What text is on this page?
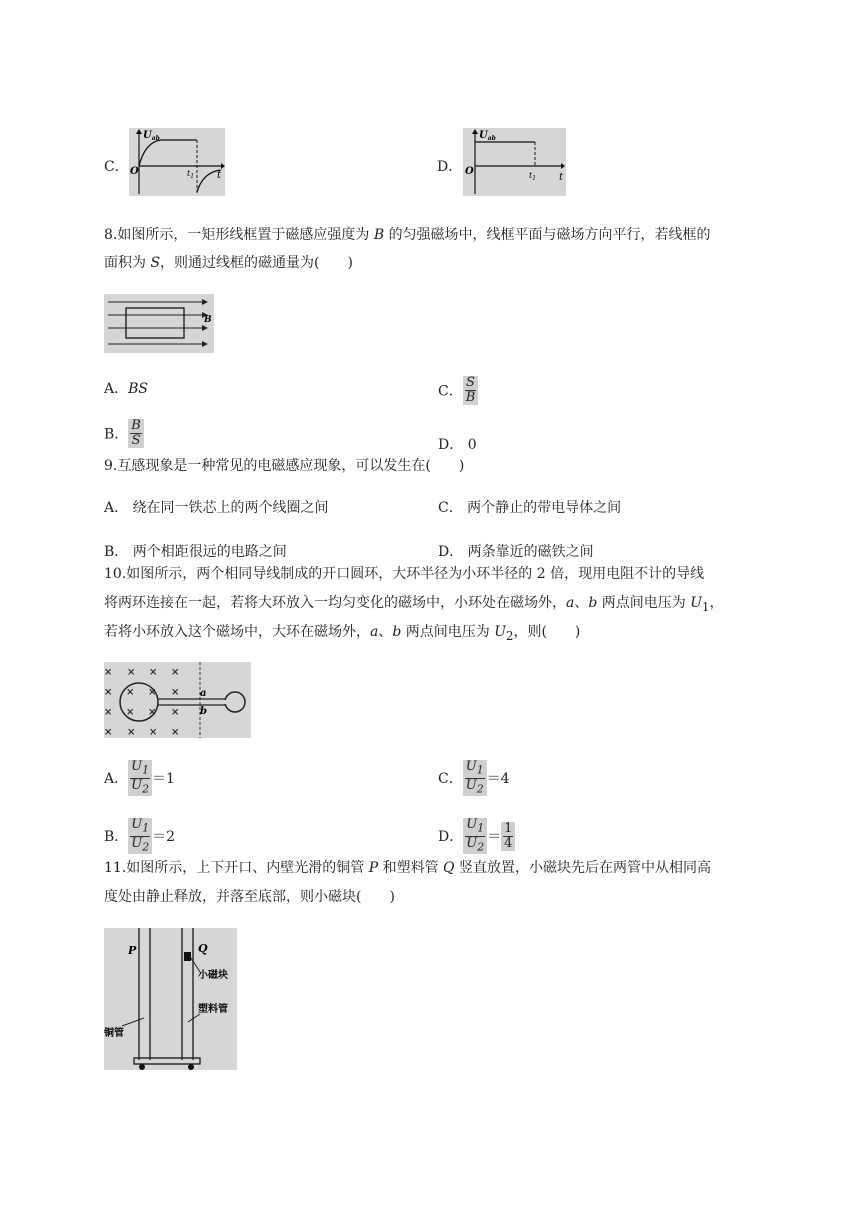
C．
$U_{ab}$
O	$t_1$ t
D．
$U_{ab}$
O	$t_1$ t
8.如图所示，一矩形线框置于磁感应强度为 B 的匀强磁场中，线框平面与磁场方向平行，若线框的
面积为 S，则通过线框的磁通量为(　　)
B
A．BS	C． $\frac{S}{B}$
B． $\frac{B}{S}$	D． 0
9.互感现象是一种常见的电磁感应现象，可以发生在(　　)
A． 绕在同一铁芯上的两个线圈之间	C． 两个静止的带电导体之间
B． 两个相距很远的电路之间	D． 两条靠近的磁铁之间
10.如图所示，两个相同导线制成的开口圆环，大环半径为小环半径的 2 倍，现用电阻不计的导线
将两环连接在一起，若将大环放入一均匀变化的磁场中，小环处在磁场外，a、b 两点间电压为 $U_1$，
若将小环放入这个磁场中，大环在磁场外，a、b 两点间电压为 $U_2$，则(　　)
× × × ×
×	×
×	×
× × × ×
× ×
× ×
a
b
A． $\frac{U_1}{U_2} =1$	C． $\frac{U_1}{U_2} =4$
B． $\frac{U_1}{U_2} =2$	D． $\frac{U_1}{U_2} = \frac{1}{4}$
11.如图所示，上下开口、内壁光滑的铜管 P 和塑料管 Q 竖直放置，小磁块先后在两管中从相同高
度处由静止释放，并落至底部，则小磁块(　　)
P	Q
小磁块
塑料管
铜管
